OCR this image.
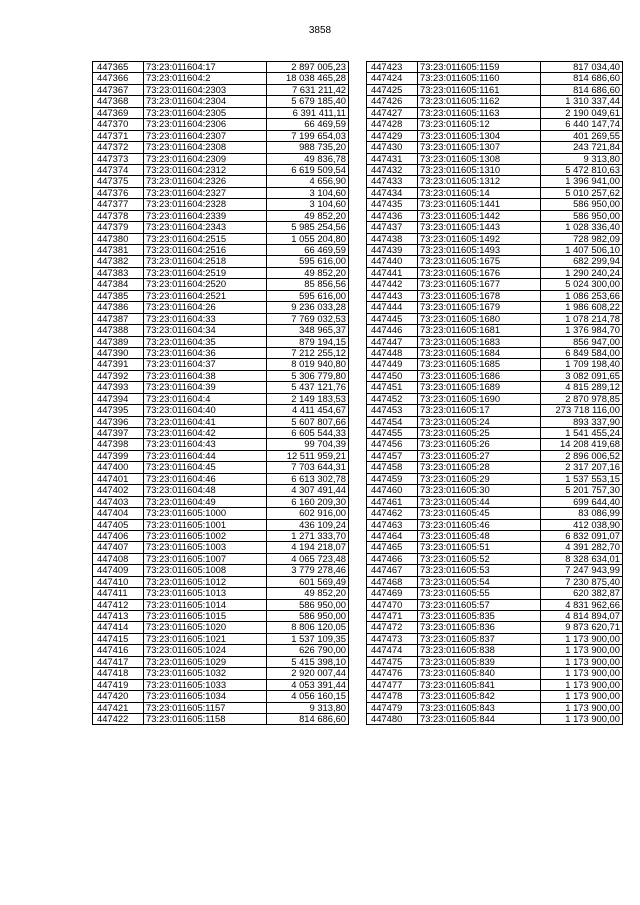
3858
447365	73:23:011604:17	2 897 005,23
447366	73:23:011604:2	18 038 465,28
447367	73:23:011604:2303	7 631 211,42
447368	73:23:011604:2304	5 679 185,40
447369	73:23:011604:2305	6 391 411,11
447370	73:23:011604:2306	66 469,59
447371	73:23:011604:2307	7 199 654,03
447372	73:23:011604:2308	988 735,20
447373	73:23:011604:2309	49 836,78
447374	73:23:011604:2312	6 619 509,54
447375	73:23:011604:2326	4 656,90
447376	73:23:011604:2327	3 104,60
447377	73:23:011604:2328	3 104,60
447378	73:23:011604:2339	49 852,20
447379	73:23:011604:2343	5 985 254,56
447380	73:23:011604:2515	1 055 204,80
447381	73:23:011604:2516	66 469,59
447382	73:23:011604:2518	595 616,00
447383	73:23:011604:2519	49 852,20
447384	73:23:011604:2520	85 856,56
447385	73:23:011604:2521	595 616,00
447386	73:23:011604:26	9 236 033,28
447387	73:23:011604:33	7 769 032,53
447388	73:23:011604:34	348 965,37
447389	73:23:011604:35	879 194,15
447390	73:23:011604:36	7 212 255,12
447391	73:23:011604:37	8 019 940,80
447392	73:23:011604:38	5 306 779,80
447393	73:23:011604:39	5 437 121,76
447394	73:23:011604:4	2 149 183,53
447395	73:23:011604:40	4 411 454,67
447396	73:23:011604:41	5 607 807,66
447397	73:23:011604:42	6 605 544,33
447398	73:23:011604:43	99 704,39
447399	73:23:011604:44	12 511 959,21
447400	73:23:011604:45	7 703 644,31
447401	73:23:011604:46	6 613 302,78
447402	73:23:011604:48	4 307 491,44
447403	73:23:011604:49	6 160 209,30
447404	73:23:011605:1000	602 916,00
447405	73:23:011605:1001	436 109,24
447406	73:23:011605:1002	1 271 333,70
447407	73:23:011605:1003	4 194 218,07
447408	73:23:011605:1007	4 065 723,48
447409	73:23:011605:1008	3 779 278,46
447410	73:23:011605:1012	601 569,49
447411	73:23:011605:1013	49 852,20
447412	73:23:011605:1014	586 950,00
447413	73:23:011605:1015	586 950,00
447414	73:23:011605:1020	8 806 120,05
447415	73:23:011605:1021	1 537 109,35
447416	73:23:011605:1024	626 790,00
447417	73:23:011605:1029	5 415 398,10
447418	73:23:011605:1032	2 920 007,44
447419	73:23:011605:1033	4 053 391,44
447420	73:23:011605:1034	4 056 160,15
447421	73:23:011605:1157	9 313,80
447422	73:23:011605:1158	814 686,60
447423	73:23:011605:1159	817 034,40
447424	73:23:011605:1160	814 686,60
447425	73:23:011605:1161	814 686,60
447426	73:23:011605:1162	1 310 337,44
447427	73:23:011605:1163	2 190 049,61
447428	73:23:011605:12	6 440 147,74
447429	73:23:011605:1304	401 269,55
447430	73:23:011605:1307	243 721,84
447431	73:23:011605:1308	9 313,80
447432	73:23:011605:1310	5 472 810,63
447433	73:23:011605:1312	1 396 941,00
447434	73:23:011605:14	5 010 257,62
447435	73:23:011605:1441	586 950,00
447436	73:23:011605:1442	586 950,00
447437	73:23:011605:1443	1 028 336,40
447438	73:23:011605:1492	728 982,09
447439	73:23:011605:1493	1 407 506,10
447440	73:23:011605:1675	682 299,94
447441	73:23:011605:1676	1 290 240,24
447442	73:23:011605:1677	5 024 300,00
447443	73:23:011605:1678	1 086 253,66
447444	73:23:011605:1679	1 986 608,22
447445	73:23:011605:1680	1 078 214,78
447446	73:23:011605:1681	1 376 984,70
447447	73:23:011605:1683	856 947,00
447448	73:23:011605:1684	6 849 584,00
447449	73:23:011605:1685	1 709 198,40
447450	73:23:011605:1686	3 082 091,65
447451	73:23:011605:1689	4 815 289,12
447452	73:23:011605:1690	2 870 978,85
447453	73:23:011605:17	273 718 116,00
447454	73:23:011605:24	893 337,90
447455	73:23:011605:25	1 541 455,24
447456	73:23:011605:26	14 208 419,68
447457	73:23:011605:27	2 896 006,52
447458	73:23:011605:28	2 317 207,16
447459	73:23:011605:29	1 537 553,15
447460	73:23:011605:30	5 201 757,30
447461	73:23:011605:44	699 644,40
447462	73:23:011605:45	83 086,99
447463	73:23:011605:46	412 038,90
447464	73:23:011605:48	6 832 091,07
447465	73:23:011605:51	4 391 282,70
447466	73:23:011605:52	8 328 634,01
447467	73:23:011605:53	7 247 943,99
447468	73:23:011605:54	7 230 875,40
447469	73:23:011605:55	620 382,87
447470	73:23:011605:57	4 831 962,66
447471	73:23:011605:835	4 814 894,07
447472	73:23:011605:836	9 873 620,71
447473	73:23:011605:837	1 173 900,00
447474	73:23:011605:838	1 173 900,00
447475	73:23:011605:839	1 173 900,00
447476	73:23:011605:840	1 173 900,00
447477	73:23:011605:841	1 173 900,00
447478	73:23:011605:842	1 173 900,00
447479	73:23:011605:843	1 173 900,00
447480	73:23:011605:844	1 173 900,00
